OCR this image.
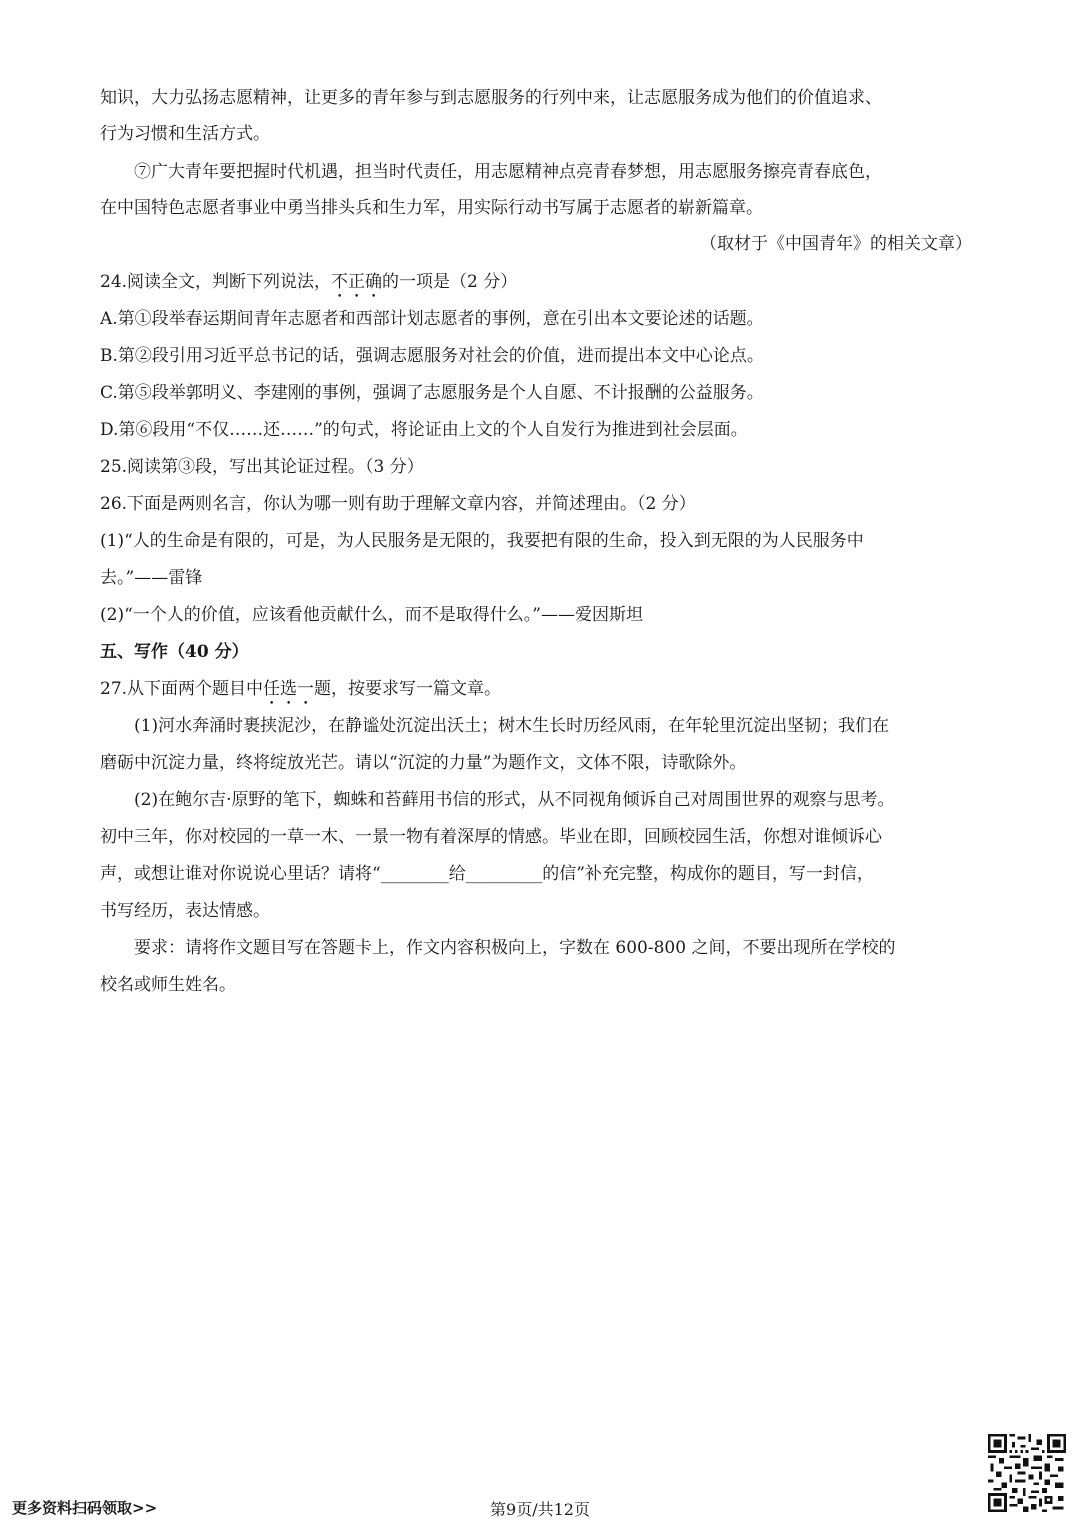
知识，大力弘扬志愿精神，让更多的青年参与到志愿服务的行列中来，让志愿服务成为他们的价值追求、
行为习惯和生活方式。
⑦广大青年要把握时代机遇，担当时代责任，用志愿精神点亮青春梦想，用志愿服务擦亮青春底色，
在中国特色志愿者事业中勇当排头兵和生力军，用实际行动书写属于志愿者的崭新篇章。
（取材于《中国青年》的相关文章）
24.阅读全文，判断下列说法，不正确的一项是（2 分）
A.第①段举春运期间青年志愿者和西部计划志愿者的事例，意在引出本文要论述的话题。
B.第②段引用习近平总书记的话，强调志愿服务对社会的价值，进而提出本文中心论点。
C.第⑤段举郭明义、李建刚的事例，强调了志愿服务是个人自愿、不计报酬的公益服务。
D.第⑥段用“不仅……还……”的句式，将论证由上文的个人自发行为推进到社会层面。
25.阅读第③段，写出其论证过程。（3 分）
26.下面是两则名言，你认为哪一则有助于理解文章内容，并简述理由。（2 分）
(1)“人的生命是有限的，可是，为人民服务是无限的，我要把有限的生命，投入到无限的为人民服务中
去。”——雷锋
(2)“一个人的价值，应该看他贡献什么，而不是取得什么。”——爱因斯坦
五、写作（40 分）
27.从下面两个题目中任选一题，按要求写一篇文章。
(1)河水奔涌时裹挟泥沙，在静谧处沉淀出沃土；树木生长时历经风雨，在年轮里沉淀出坚韧；我们在
磨砺中沉淀力量，终将绽放光芒。请以“沉淀的力量”为题作文，文体不限，诗歌除外。
(2)在鲍尔吉·原野的笔下，蜘蛛和苔藓用书信的形式，从不同视角倾诉自己对周围世界的观察与思考。
初中三年，你对校园的一草一木、一景一物有着深厚的情感。毕业在即，回顾校园生活，你想对谁倾诉心
声，或想让谁对你说说心里话？请将“________给_________的信”补充完整，构成你的题目，写一封信，
书写经历，表达情感。
要求：请将作文题目写在答题卡上，作文内容积极向上，字数在 600-800 之间，不要出现所在学校的
校名或师生姓名。
更多资料扫码领取>>	第9页/共12页
